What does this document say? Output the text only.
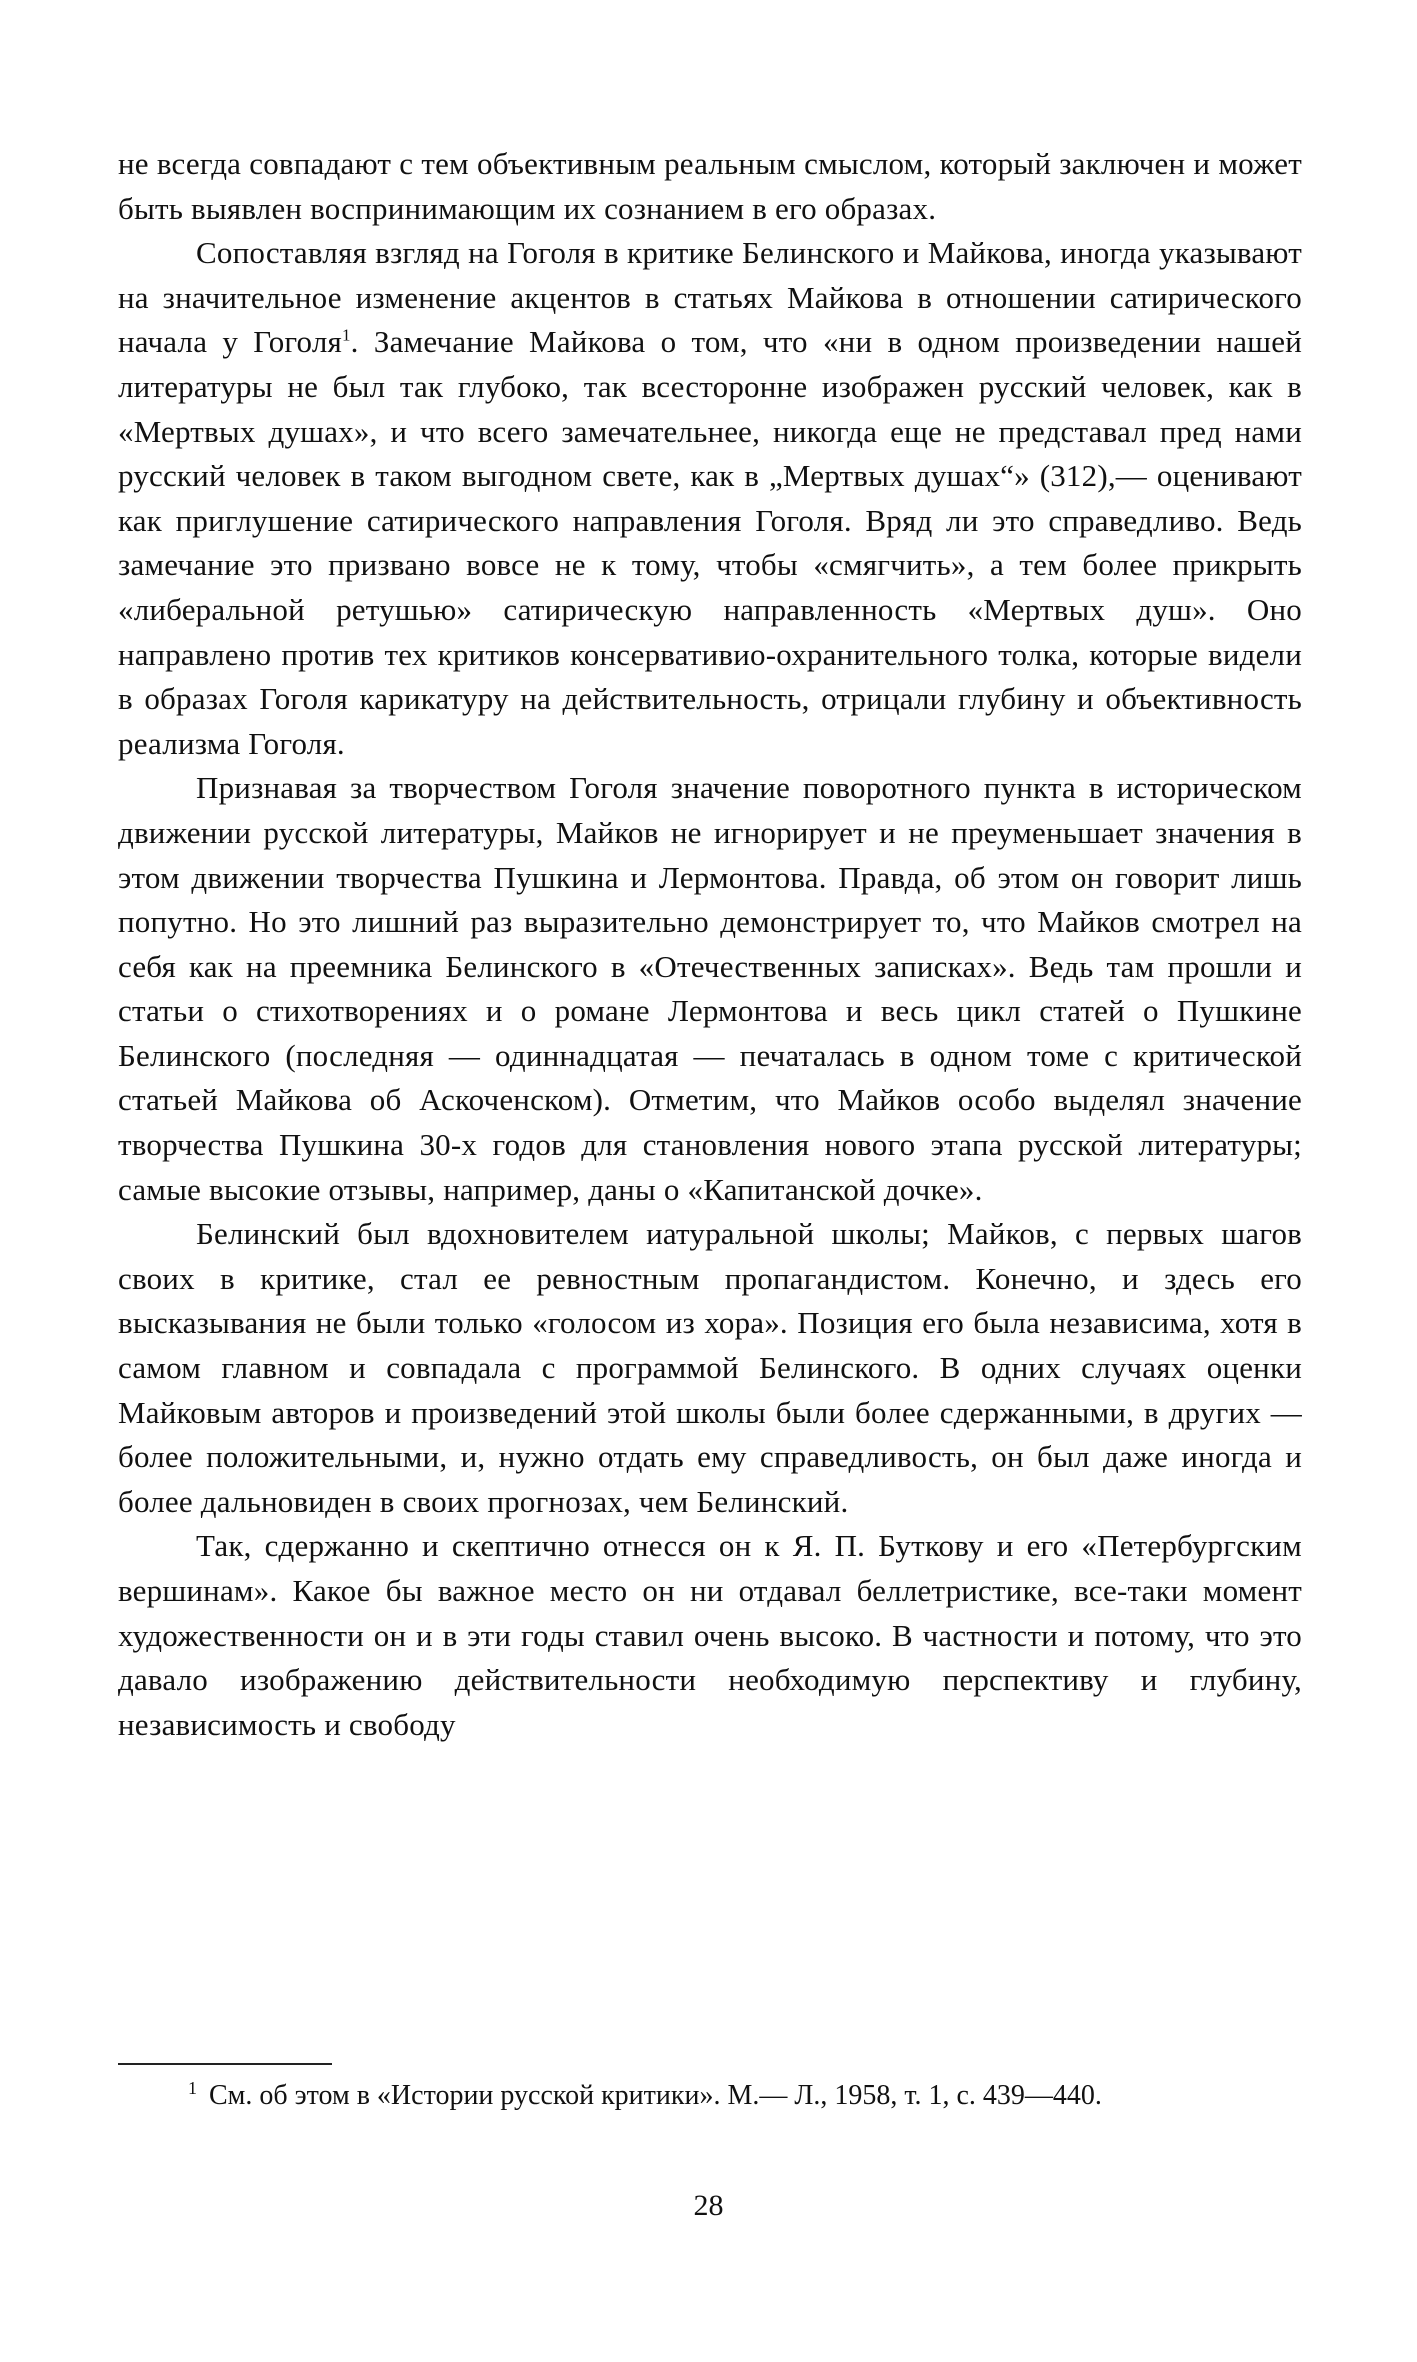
не всегда совпадают с тем объективным реальным смыслом, который заключен и может быть выявлен воспринимающим их сознанием в его образах.

Сопоставляя взгляд на Гоголя в критике Белинского и Майкова, иногда указывают на значительное изменение акцентов в статьях Майкова в отношении сатирического начала у Гоголя$^1$. Замечание Майкова о том, что «ни в одном произведении нашей литературы не был так глубоко, так всесторонне изображен русский человек, как в «Мертвых душах», и что всего замечательнее, никогда еще не представал пред нами русский человек в таком выгодном свете, как в „Мертвых душах“» (312),— оценивают как приглушение сатирического направления Гоголя. Вряд ли это справедливо. Ведь замечание это призвано вовсе не к тому, чтобы «смягчить», а тем более прикрыть «либеральной ретушью» сатирическую направленность «Мертвых душ». Оно направлено против тех критиков консервативио-охранительного толка, которые видели в образах Гоголя карикатуру на действительность, отрицали глубину и объективность реализма Гоголя.

Признавая за творчеством Гоголя значение поворотного пункта в историческом движении русской литературы, Майков не игнорирует и не преуменьшает значения в этом движении творчества Пушкина и Лермонтова. Правда, об этом он говорит лишь попутно. Но это лишний раз выразительно демонстрирует то, что Майков смотрел на себя как на преемника Белинского в «Отечественных записках». Ведь там прошли и статьи о стихотворениях и о романе Лермонтова и весь цикл статей о Пушкине Белинского (последняя — одиннадцатая — печаталась в одном томе с критической статьей Майкова об Аскоченском). Отметим, что Майков особо выделял значение творчества Пушкина 30-х годов для становления нового этапа русской литературы; самые высокие отзывы, например, даны о «Капитанской дочке».

Белинский был вдохновителем иатуральной школы; Майков, с первых шагов своих в критике, стал ее ревностным пропагандистом. Конечно, и здесь его высказывания не были только «голосом из хора». Позиция его была независима, хотя в самом главном и совпадала с программой Белинского. В одних случаях оценки Майковым авторов и произведений этой школы были более сдержанными, в других — более положительными, и, нужно отдать ему справедливость, он был даже иногда и более дальновиден в своих прогнозах, чем Белинский.

Так, сдержанно и скептично отнесся он к Я. П. Буткову и его «Петербургским вершинам». Какое бы важное место он ни отдавал беллетристике, все-таки момент художественности он и в эти годы ставил очень высоко. В частности и потому, что это давало изображению действительности необходимую перспективу и глубину, независимость и свободу

$^1$ См. об этом в «Истории русской критики». М.— Л., 1958, т. 1, с. 439—440.
28
